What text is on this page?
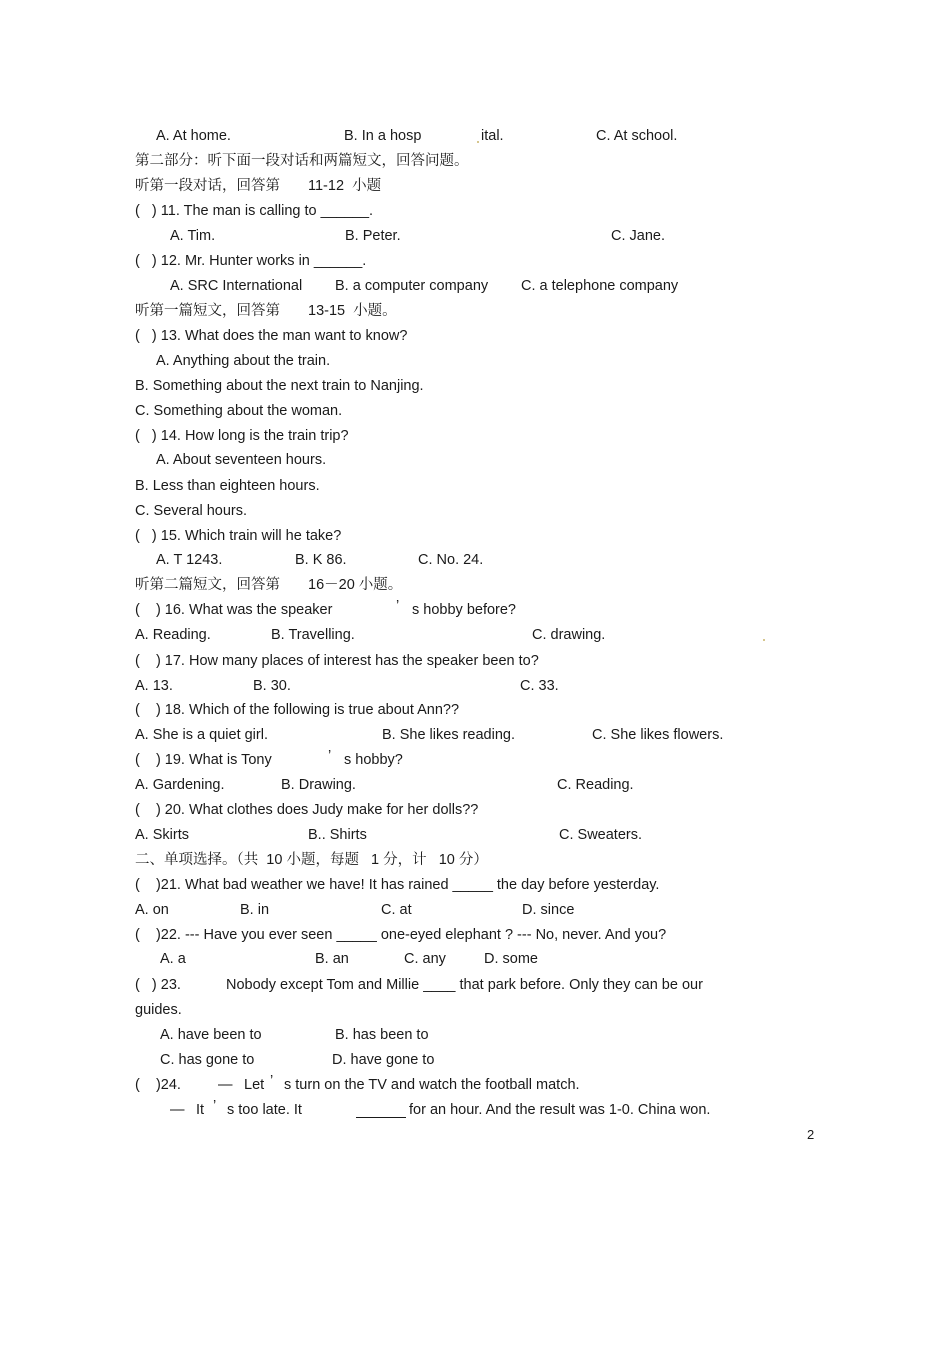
A. At home.	B. In a hosp	ital.	C. At school.
第二部分：听下面一段对话和两篇短文，回答问题。
听第一段对话，回答第 11-12  小题
(   ) 11. The man is calling to ______.
A. Tim.	B. Peter.	C. Jane.
(   ) 12. Mr. Hunter works in ______.
A. SRC International B. a computer company C. a telephone company
听第一篇短文，回答第 13-15  小题。
(   ) 13. What does the man want to know?
A. Anything about the train.
B. Something about the next train to Nanjing.
C. Something about the woman.
(   ) 14. How long is the train trip?
A. About seventeen hours.
B. Less than eighteen hours.
C. Several hours.
(   ) 15. Which train will he take?
A. T 1243.	B. K 86.	C. No. 24.
听第二篇短文，回答第 16－20 小题。
(    ) 16. What was the speaker	’ s hobby before?
A. Reading.	B. Travelling.	C. drawing.
(    ) 17. How many places of interest has the speaker been to?
A. 13.	B. 30.	C. 33.
(    ) 18. Which of the following is true about Ann??
A. She is a quiet girl.	B. She likes reading.	C. She likes flowers.
(    ) 19. What is Tony	’ s hobby?
A. Gardening.	B. Drawing.	C. Reading.
(    ) 20. What clothes does Judy make for her dolls??
A. Skirts	B.. Shirts	C. Sweaters.
二、单项选择。（共  10 小题，每题   1 分，计   10 分）
(    )21. What bad weather we have! It has rained _____ the day before yesterday.
A. on	B. in	C. at	D. since
(    )22. --- Have you ever seen _____ one-eyed elephant ? --- No, never. And you?
A. a	B. an	C. any	D. some
(   ) 23.	Nobody except Tom and Millie ____ that park before. Only they can be our
guides.
A. have been to	B. has been to
C. has gone to	D. have gone to
(    )24.	— Let ’ s turn on the TV and watch the football match.
— It ’ s too late. It	for an hour. And the result was 1-0. China won.
2
